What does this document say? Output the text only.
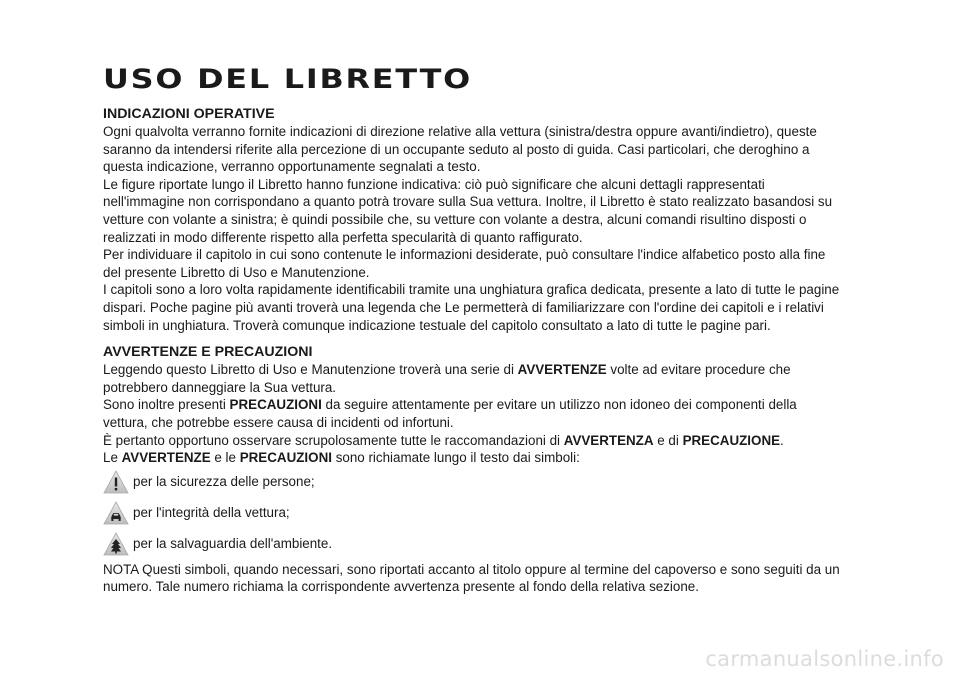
USO DEL LIBRETTO
INDICAZIONI OPERATIVE

Ogni qualvolta verranno fornite indicazioni di direzione relative alla vettura (sinistra/destra oppure avanti/indietro), queste saranno da intendersi riferite alla percezione di un occupante seduto al posto di guida. Casi particolari, che deroghino a questa indicazione, verranno opportunamente segnalati a testo.

Le figure riportate lungo il Libretto hanno funzione indicativa: ciò può significare che alcuni dettagli rappresentati nell'immagine non corrispondano a quanto potrà trovare sulla Sua vettura. Inoltre, il Libretto è stato realizzato basandosi su vetture con volante a sinistra; è quindi possibile che, su vetture con volante a destra, alcuni comandi risultino disposti o realizzati in modo differente rispetto alla perfetta specularità di quanto raffigurato.

Per individuare il capitolo in cui sono contenute le informazioni desiderate, può consultare l'indice alfabetico posto alla fine del presente Libretto di Uso e Manutenzione.

I capitoli sono a loro volta rapidamente identificabili tramite una unghiatura grafica dedicata, presente a lato di tutte le pagine dispari. Poche pagine più avanti troverà una legenda che Le permetterà di familiarizzare con l'ordine dei capitoli e i relativi simboli in unghiatura. Troverà comunque indicazione testuale del capitolo consultato a lato di tutte le pagine pari.

AVVERTENZE E PRECAUZIONI

Leggendo questo Libretto di Uso e Manutenzione troverà una serie di AVVERTENZE volte ad evitare procedure che potrebbero danneggiare la Sua vettura.

Sono inoltre presenti PRECAUZIONI da seguire attentamente per evitare un utilizzo non idoneo dei componenti della vettura, che potrebbe essere causa di incidenti od infortuni.

È pertanto opportuno osservare scrupolosamente tutte le raccomandazioni di AVVERTENZA e di PRECAUZIONE.

Le AVVERTENZE e le PRECAUZIONI sono richiamate lungo il testo dai simboli:

per la sicurezza delle persone;
per l'integrità della vettura;
per la salvaguardia dell'ambiente.

NOTA Questi simboli, quando necessari, sono riportati accanto al titolo oppure al termine del capoverso e sono seguiti da un numero. Tale numero richiama la corrispondente avvertenza presente al fondo della relativa sezione.

carmanualsonline.info
